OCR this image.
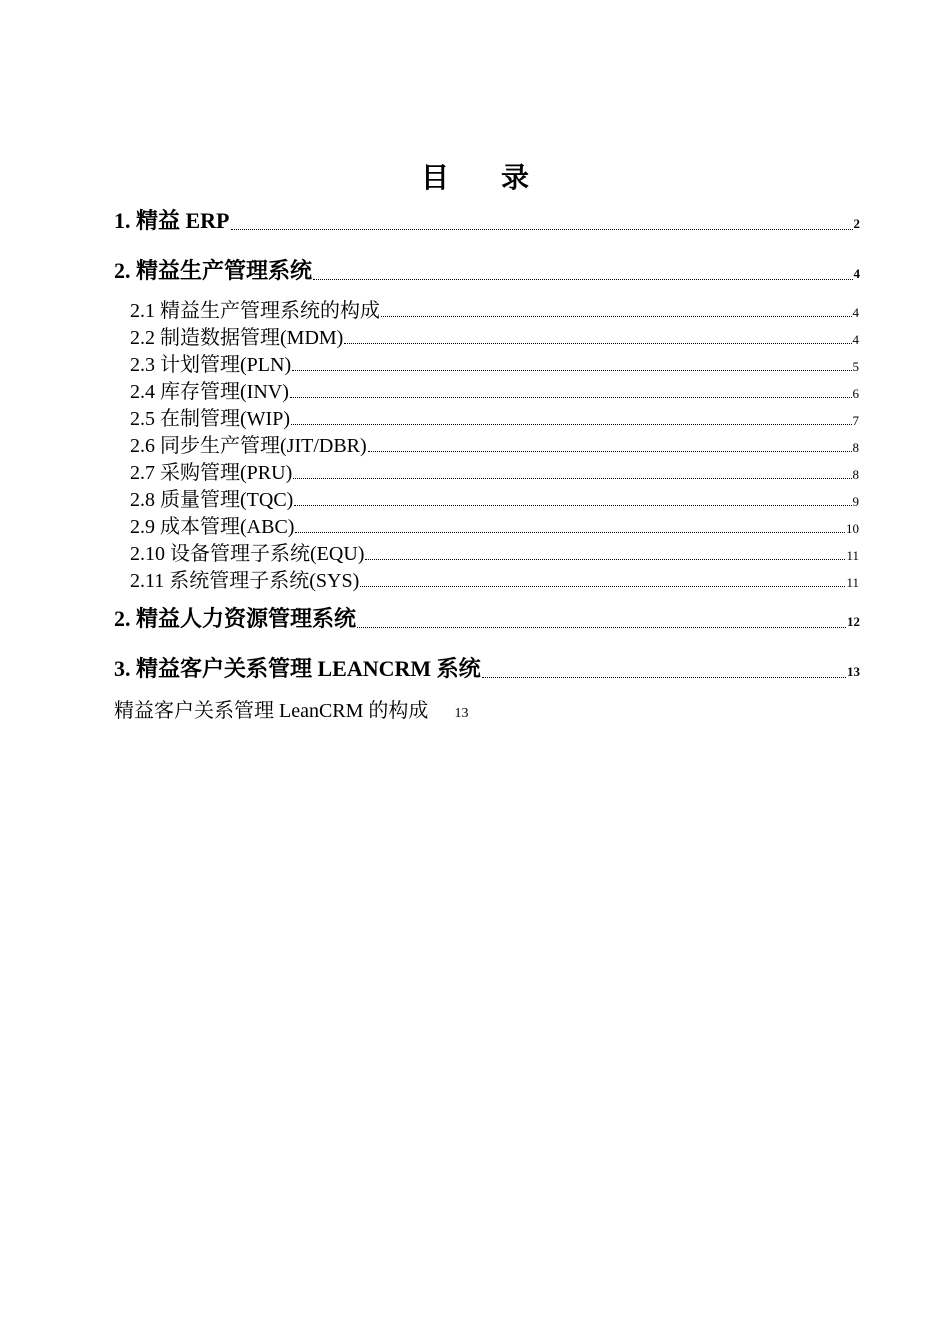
目 录
1. 精益 ERP	2
2. 精益生产管理系统	4
2.1 精益生产管理系统的构成	4
2.2 制造数据管理(MDM)	4
2.3 计划管理(PLN)	5
2.4 库存管理(INV)	6
2.5 在制管理(WIP)	7
2.6 同步生产管理(JIT/DBR)	8
2.7 采购管理(PRU)	8
2.8 质量管理(TQC)	9
2.9 成本管理(ABC)	10
2.10 设备管理子系统(EQU)	11
2.11 系统管理子系统(SYS)	11
2. 精益人力资源管理系统	12
3. 精益客户关系管理 LEANCRM 系统	13
精益客户关系管理 LeanCRM 的构成 13
